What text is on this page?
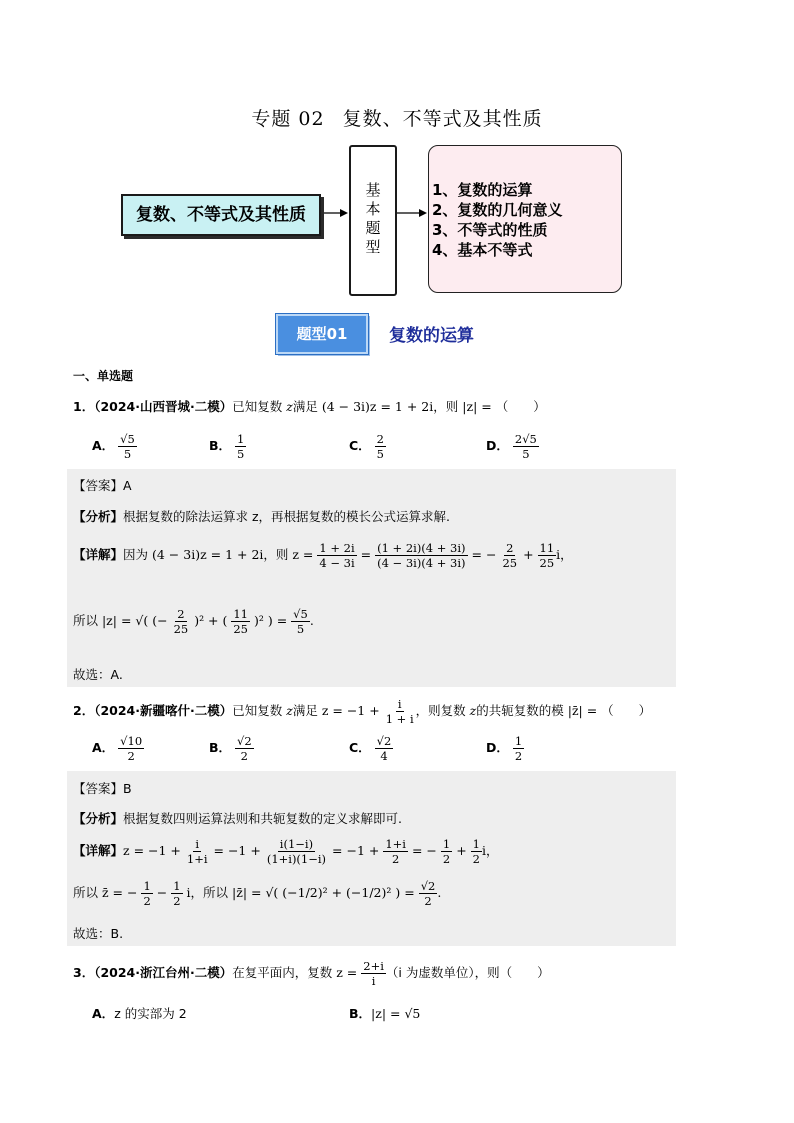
专题 02 复数、不等式及其性质
复数、不等式及其性质
基
本
题
型
1、复数的运算
2、复数的几何意义
3、不等式的性质
4、基本不等式
题型01	复数的运算
一、单选题
1．（2024·山西晋城·二模）已知复数 z满足 (4 − 3i)z = 1 + 2i，则 |z| = （　　）
A． $\frac{√5}{5}$	B． $\frac{1}{5}$	C． $\frac{2}{5}$	D． $\frac{2√5}{5}$
【答案】A
【分析】根据复数的除法运算求 z，再根据复数的模长公式运算求解.
【详解】因为 (4 − 3i)z = 1 + 2i，则 $z = \frac{1 + 2i}{4 - 3i} = \frac{(1 + 2i)(4 + 3i)}{(4 - 3i)(4 + 3i)}$ = − $\frac{2}{25} + \frac{11}{25}$ i，
所以 |z| = √( (− $\frac{2}{25} )^2$ + ( $\frac{11}{25} )^2$ ) = $\frac{√5}{5}$ .
故选：A.
2．（2024·新疆喀什·二模）已知复数 z满足 $z = -1 + \frac{i}{1 + i}$ ，则复数 z的共轭复数的模 |z̄| = （　　）
A． $\frac{√10}{2}$	B． $\frac{√2}{2}$	C． $\frac{√2}{4}$	D． $\frac{1}{2}$
【答案】B
【分析】根据复数四则运算法则和共轭复数的定义求解即可.
【详解】$z = -1 + \frac{i}{1+i} = -1 + \frac{i(1-i)}{(1+i)(1-i)} = -1 + \frac{1+i}{2}$ = − $\frac{1}{2} + \frac{1}{2}$ i，
所以 z̄ = − $\frac{1}{2} - \frac{1}{2}$ i，所以 |z̄| = √( (−1/2)² + (−1/2)² ) = $\frac{√2}{2}$ .
故选：B.
3．（2024·浙江台州·二模）在复平面内，复数 $z = \frac{2+i}{i} (i$ 为虚数单位），则（　　）
A．z 的实部为 2	B．|z| = √5
